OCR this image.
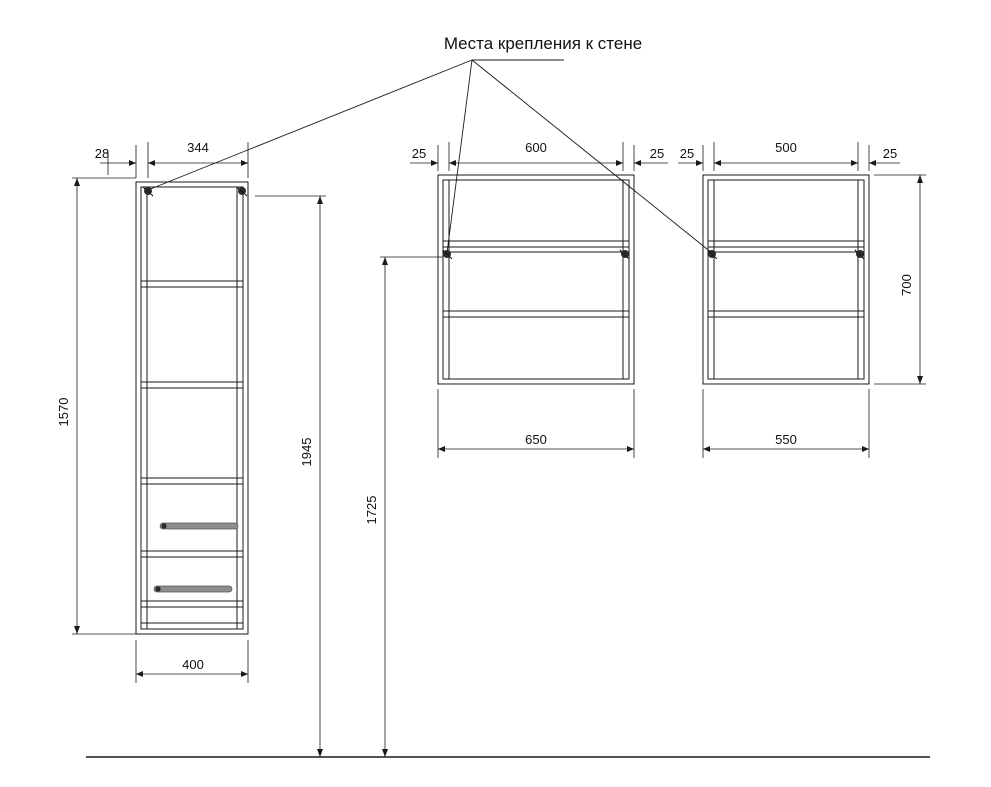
28	344
1570
1945
400
25	600	25
650
1725
25	500	25
550
700
Места крепления к стене
